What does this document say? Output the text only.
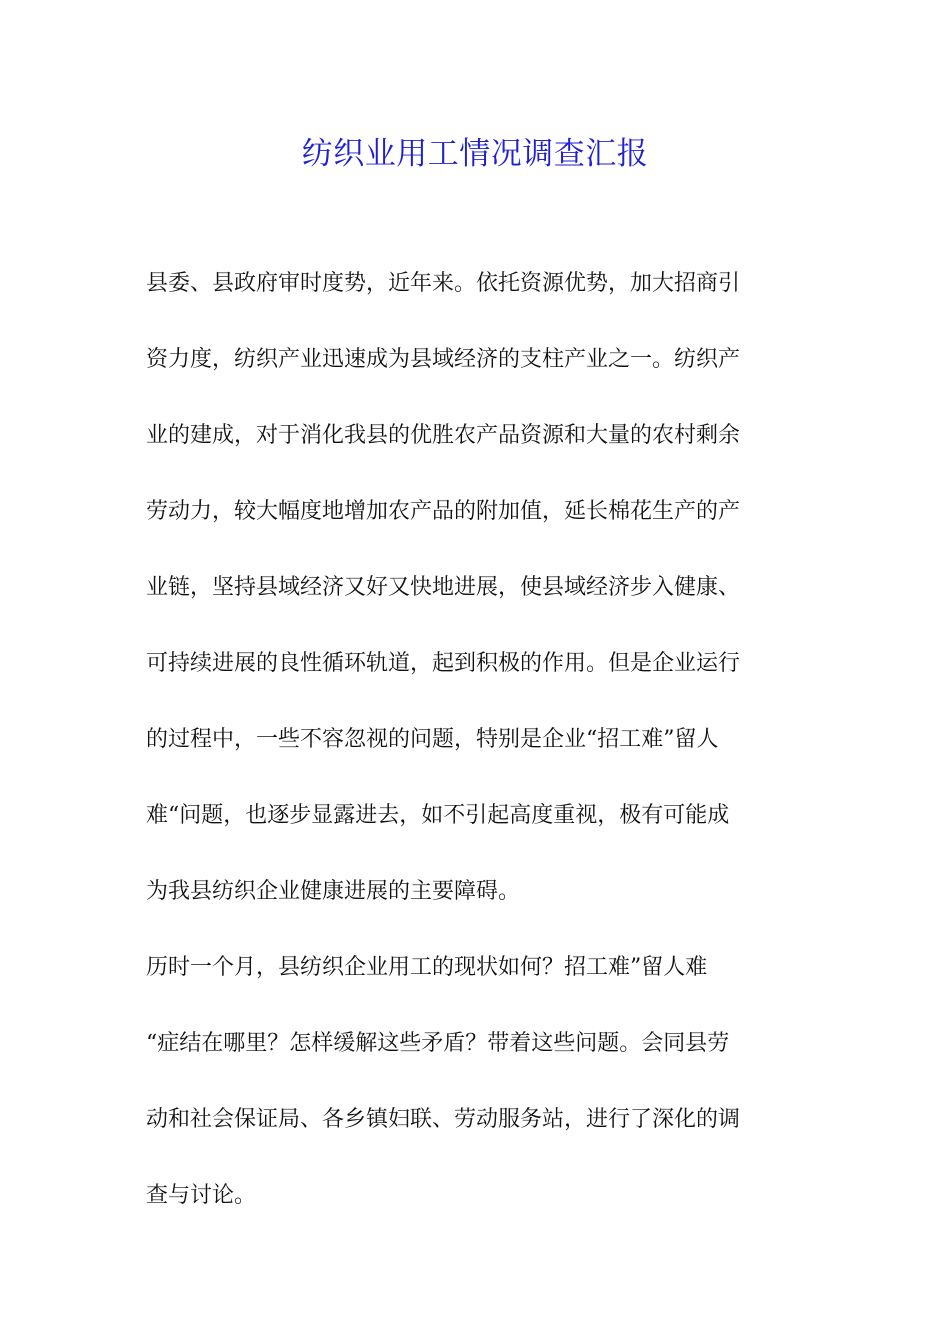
纺织业用工情况调查汇报
县委、县政府审时度势，近年来。依托资源优势，加大招商引
资力度，纺织产业迅速成为县域经济的支柱产业之一。纺织产
业的建成，对于消化我县的优胜农产品资源和大量的农村剩余
劳动力，较大幅度地增加农产品的附加值，延长棉花生产的产
业链，坚持县域经济又好又快地进展，使县域经济步入健康、
可持续进展的良性循环轨道，起到积极的作用。但是企业运行
的过程中，一些不容忽视的问题，特别是企业“招工难”留人
难“问题，也逐步显露进去，如不引起高度重视，极有可能成
为我县纺织企业健康进展的主要障碍。
历时一个月，县纺织企业用工的现状如何？招工难”留人难
“症结在哪里？怎样缓解这些矛盾？带着这些问题。会同县劳
动和社会保证局、各乡镇妇联、劳动服务站，进行了深化的调
查与讨论。
